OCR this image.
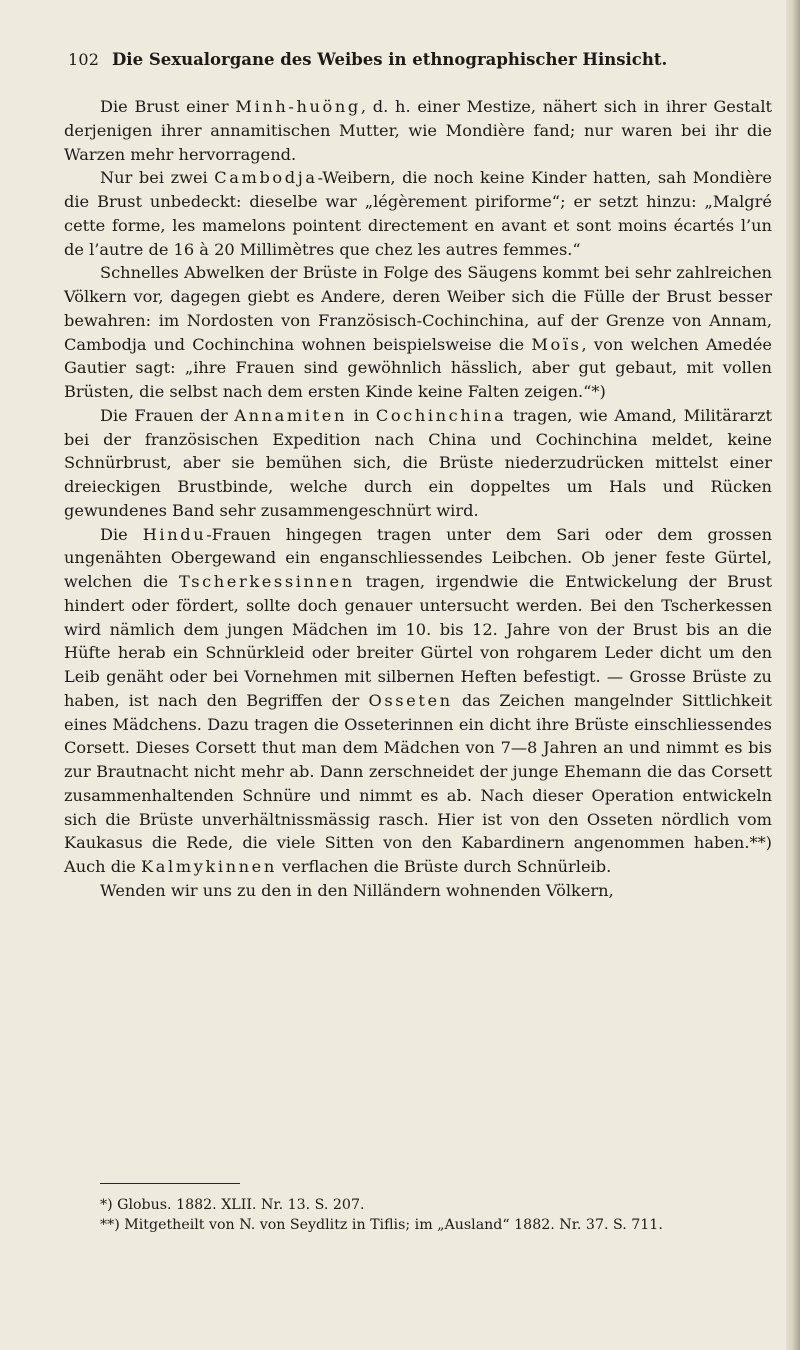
102 Die Sexualorgane des Weibes in ethnographischer Hinsicht.

Die Brust einer Minh-huöng, d. h. einer Mestize, nähert sich in ihrer Gestalt derjenigen ihrer annamitischen Mutter, wie Mondière fand; nur waren bei ihr die Warzen mehr hervorragend.

Nur bei zwei Cambodja-Weibern, die noch keine Kinder hatten, sah Mondière die Brust unbedeckt: dieselbe war „légèrement piriforme“; er setzt hinzu: „Malgré cette forme, les mamelons pointent directement en avant et sont moins écartés l’un de l’autre de 16 à 20 Millimètres que chez les autres femmes.“

Schnelles Abwelken der Brüste in Folge des Säugens kommt bei sehr zahlreichen Völkern vor, dagegen giebt es Andere, deren Weiber sich die Fülle der Brust besser bewahren: im Nordosten von Französisch-Cochinchina, auf der Grenze von Annam, Cambodja und Cochinchina wohnen beispielsweise die Moïs, von welchen Amedée Gautier sagt: „ihre Frauen sind gewöhnlich hässlich, aber gut gebaut, mit vollen Brüsten, die selbst nach dem ersten Kinde keine Falten zeigen.“*)

Die Frauen der Annamiten in Cochinchina tragen, wie Amand, Militärarzt bei der französischen Expedition nach China und Cochinchina meldet, keine Schnürbrust, aber sie bemühen sich, die Brüste niederzudrücken mittelst einer dreieckigen Brustbinde, welche durch ein doppeltes um Hals und Rücken gewundenes Band sehr zusammengeschnürt wird.

Die Hindu-Frauen hingegen tragen unter dem Sari oder dem grossen ungenähten Obergewand ein enganschliessendes Leibchen. Ob jener feste Gürtel, welchen die Tscherkessinnen tragen, irgendwie die Entwickelung der Brust hindert oder fördert, sollte doch genauer untersucht werden. Bei den Tscherkessen wird nämlich dem jungen Mädchen im 10. bis 12. Jahre von der Brust bis an die Hüfte herab ein Schnürkleid oder breiter Gürtel von rohgarem Leder dicht um den Leib genäht oder bei Vornehmen mit silbernen Heften befestigt. — Grosse Brüste zu haben, ist nach den Begriffen der Osseten das Zeichen mangelnder Sittlichkeit eines Mädchens. Dazu tragen die Osseterinnen ein dicht ihre Brüste einschliessendes Corsett. Dieses Corsett thut man dem Mädchen von 7—8 Jahren an und nimmt es bis zur Brautnacht nicht mehr ab. Dann zerschneidet der junge Ehemann die das Corsett zusammenhaltenden Schnüre und nimmt es ab. Nach dieser Operation entwickeln sich die Brüste unverhältnissmässig rasch. Hier ist von den Osseten nördlich vom Kaukasus die Rede, die viele Sitten von den Kabardinern angenommen haben.**) Auch die Kalmykinnen verflachen die Brüste durch Schnürleib.

Wenden wir uns zu den in den Nilländern wohnenden Völkern,

*) Globus. 1882. XLII. Nr. 13. S. 207.

**) Mitgetheilt von N. von Seydlitz in Tiflis; im „Ausland“ 1882. Nr. 37. S. 711.
